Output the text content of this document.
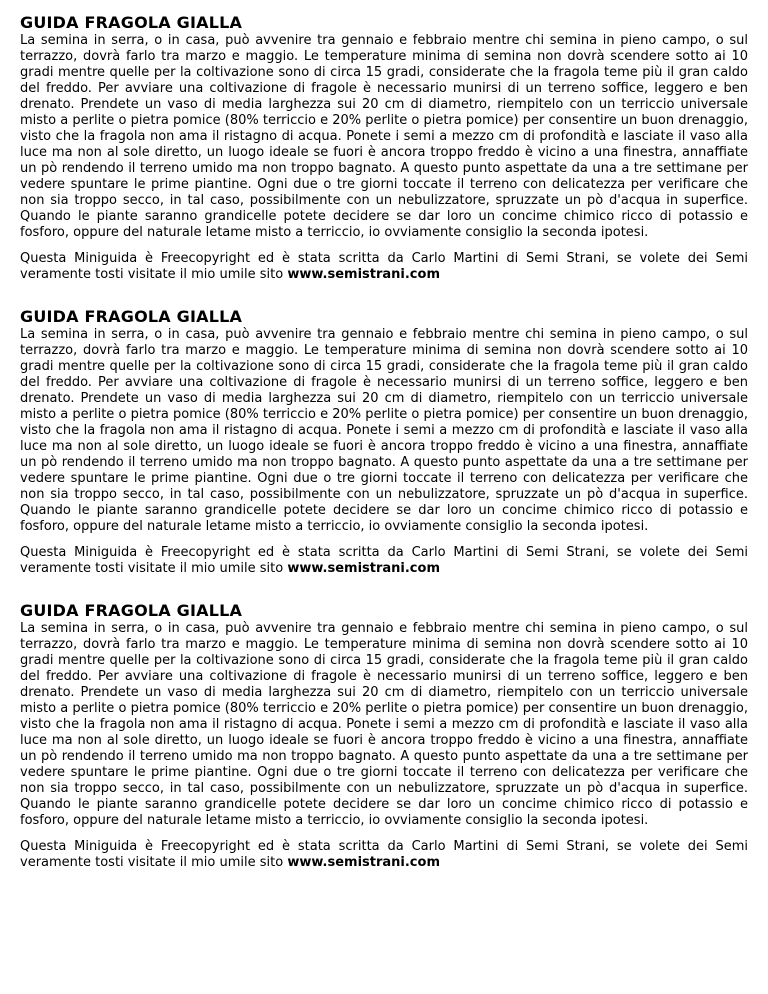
GUIDA FRAGOLA GIALLA

La semina in serra, o in casa, può avvenire tra gennaio e febbraio mentre chi semina in pieno campo, o sul terrazzo, dovrà farlo tra marzo e maggio. Le temperature minima di semina non dovrà scendere sotto ai 10 gradi mentre quelle per la coltivazione sono di circa 15 gradi, considerate che la fragola teme più il gran caldo del freddo. Per avviare una coltivazione di fragole è necessario munirsi di un terreno soffice, leggero e ben drenato. Prendete un vaso di media larghezza sui 20 cm di diametro, riempitelo con un terriccio universale misto a perlite o pietra pomice (80% terriccio e 20% perlite o pietra pomice) per consentire un buon drenaggio, visto che la fragola non ama il ristagno di acqua. Ponete i semi a mezzo cm di profondità e lasciate il vaso alla luce ma non al sole diretto, un luogo ideale se fuori è ancora troppo freddo è vicino a una finestra, annaffiate un pò rendendo il terreno umido ma non troppo bagnato. A questo punto aspettate da una a tre settimane per vedere spuntare le prime piantine. Ogni due o tre giorni toccate il terreno con delicatezza per verificare che non sia troppo secco, in tal caso, possibilmente con un nebulizzatore, spruzzate un pò d'acqua in superfice. Quando le piante saranno grandicelle potete decidere se dar loro un concime chimico ricco di potassio e fosforo, oppure del naturale letame misto a terriccio, io ovviamente consiglio la seconda ipotesi.

Questa Miniguida è Freecopyright ed è stata scritta da Carlo Martini di Semi Strani, se volete dei Semi veramente tosti visitate il mio umile sito www.semistrani.com

GUIDA FRAGOLA GIALLA

La semina in serra, o in casa, può avvenire tra gennaio e febbraio mentre chi semina in pieno campo, o sul terrazzo, dovrà farlo tra marzo e maggio. Le temperature minima di semina non dovrà scendere sotto ai 10 gradi mentre quelle per la coltivazione sono di circa 15 gradi, considerate che la fragola teme più il gran caldo del freddo. Per avviare una coltivazione di fragole è necessario munirsi di un terreno soffice, leggero e ben drenato. Prendete un vaso di media larghezza sui 20 cm di diametro, riempitelo con un terriccio universale misto a perlite o pietra pomice (80% terriccio e 20% perlite o pietra pomice) per consentire un buon drenaggio, visto che la fragola non ama il ristagno di acqua. Ponete i semi a mezzo cm di profondità e lasciate il vaso alla luce ma non al sole diretto, un luogo ideale se fuori è ancora troppo freddo è vicino a una finestra, annaffiate un pò rendendo il terreno umido ma non troppo bagnato. A questo punto aspettate da una a tre settimane per vedere spuntare le prime piantine. Ogni due o tre giorni toccate il terreno con delicatezza per verificare che non sia troppo secco, in tal caso, possibilmente con un nebulizzatore, spruzzate un pò d'acqua in superfice. Quando le piante saranno grandicelle potete decidere se dar loro un concime chimico ricco di potassio e fosforo, oppure del naturale letame misto a terriccio, io ovviamente consiglio la seconda ipotesi.

Questa Miniguida è Freecopyright ed è stata scritta da Carlo Martini di Semi Strani, se volete dei Semi veramente tosti visitate il mio umile sito www.semistrani.com

GUIDA FRAGOLA GIALLA

La semina in serra, o in casa, può avvenire tra gennaio e febbraio mentre chi semina in pieno campo, o sul terrazzo, dovrà farlo tra marzo e maggio. Le temperature minima di semina non dovrà scendere sotto ai 10 gradi mentre quelle per la coltivazione sono di circa 15 gradi, considerate che la fragola teme più il gran caldo del freddo. Per avviare una coltivazione di fragole è necessario munirsi di un terreno soffice, leggero e ben drenato. Prendete un vaso di media larghezza sui 20 cm di diametro, riempitelo con un terriccio universale misto a perlite o pietra pomice (80% terriccio e 20% perlite o pietra pomice) per consentire un buon drenaggio, visto che la fragola non ama il ristagno di acqua. Ponete i semi a mezzo cm di profondità e lasciate il vaso alla luce ma non al sole diretto, un luogo ideale se fuori è ancora troppo freddo è vicino a una finestra, annaffiate un pò rendendo il terreno umido ma non troppo bagnato. A questo punto aspettate da una a tre settimane per vedere spuntare le prime piantine. Ogni due o tre giorni toccate il terreno con delicatezza per verificare che non sia troppo secco, in tal caso, possibilmente con un nebulizzatore, spruzzate un pò d'acqua in superfice. Quando le piante saranno grandicelle potete decidere se dar loro un concime chimico ricco di potassio e fosforo, oppure del naturale letame misto a terriccio, io ovviamente consiglio la seconda ipotesi.

Questa Miniguida è Freecopyright ed è stata scritta da Carlo Martini di Semi Strani, se volete dei Semi veramente tosti visitate il mio umile sito www.semistrani.com
